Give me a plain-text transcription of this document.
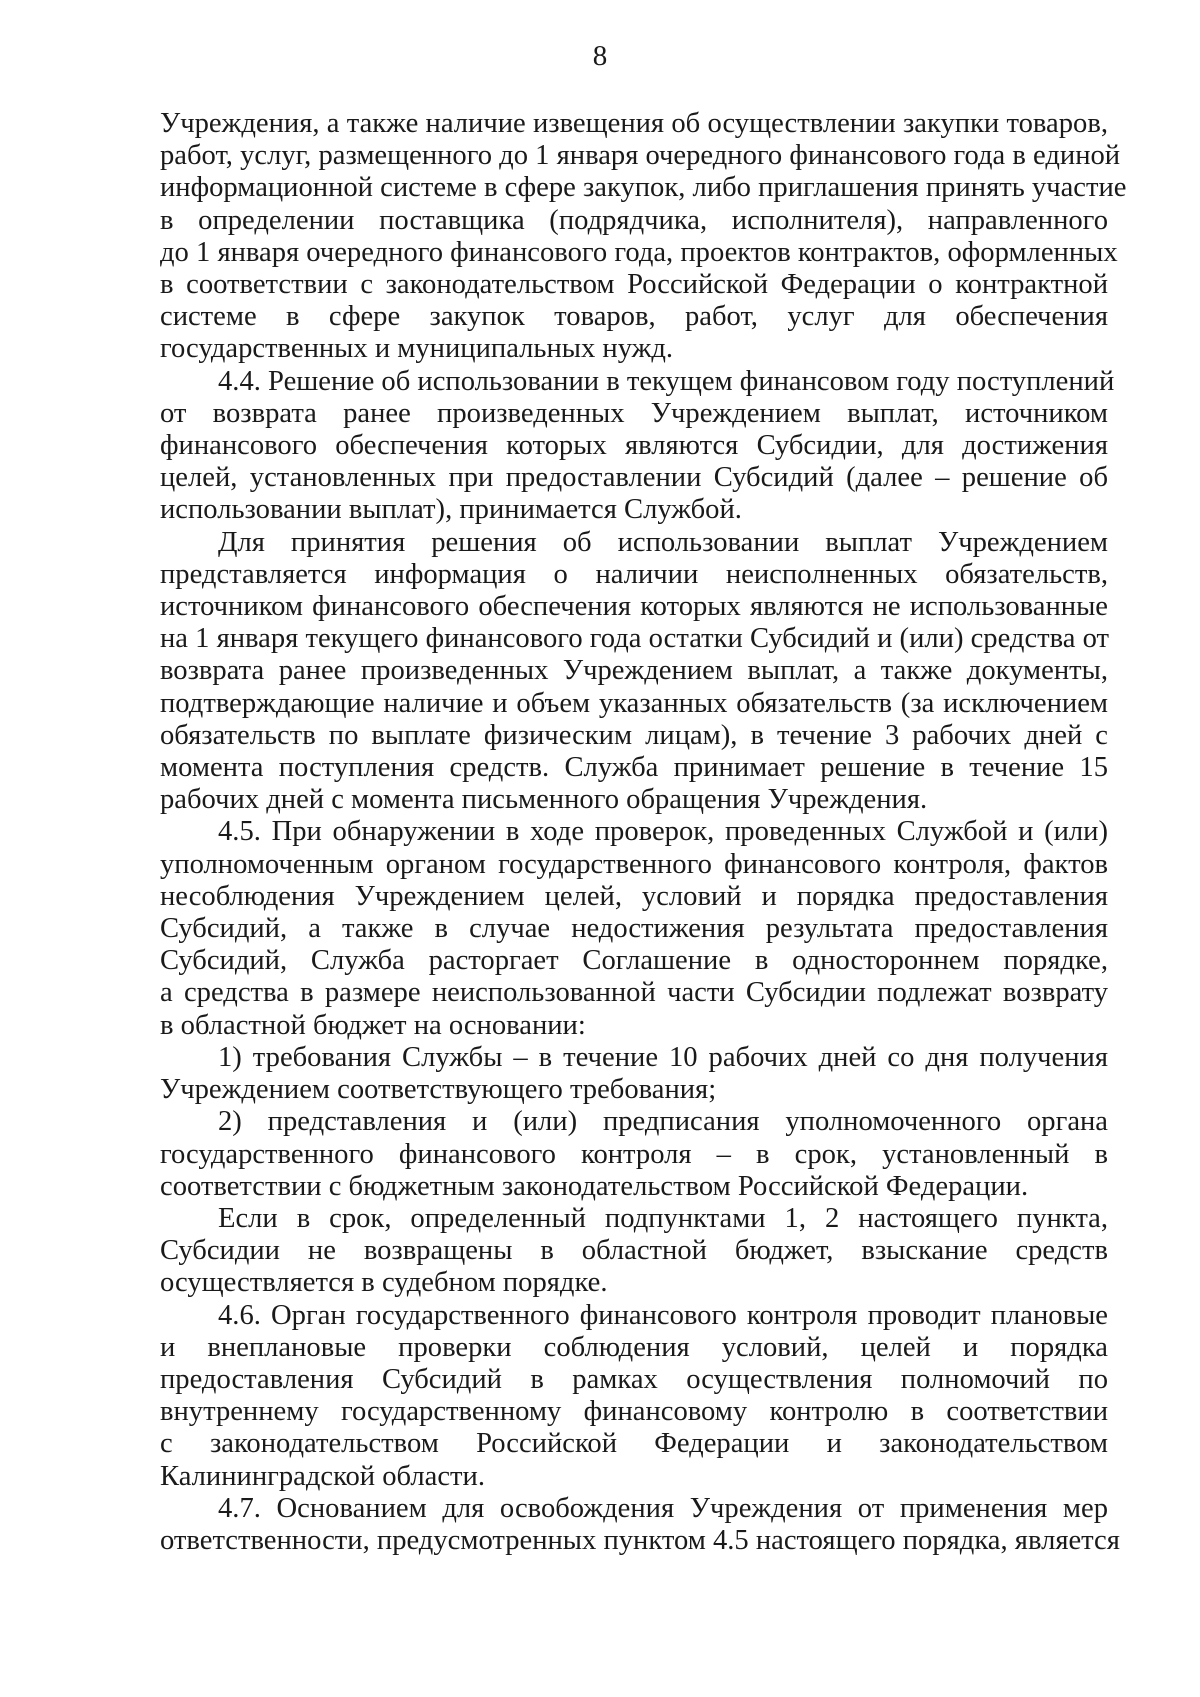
8
Учреждения, а также наличие извещения об осуществлении закупки товаров,
работ, услуг, размещенного до 1 января очередного финансового года в единой
информационной системе в сфере закупок, либо приглашения принять участие
в определении поставщика (подрядчика, исполнителя), направленного
до 1 января очередного финансового года, проектов контрактов, оформленных
в соответствии с законодательством Российской Федерации о контрактной
системе в сфере закупок товаров, работ, услуг для обеспечения
государственных и муниципальных нужд.
4.4. Решение об использовании в текущем финансовом году поступлений
от возврата ранее произведенных Учреждением выплат, источником
финансового обеспечения которых являются Субсидии, для достижения
целей, установленных при предоставлении Субсидий (далее – решение об
использовании выплат), принимается Службой.
Для принятия решения об использовании выплат Учреждением
представляется информация о наличии неисполненных обязательств,
источником финансового обеспечения которых являются не использованные
на 1 января текущего финансового года остатки Субсидий и (или) средства от
возврата ранее произведенных Учреждением выплат, а также документы,
подтверждающие наличие и объем указанных обязательств (за исключением
обязательств по выплате физическим лицам), в течение 3 рабочих дней с
момента поступления средств. Служба принимает решение в течение 15
рабочих дней с момента письменного обращения Учреждения.
4.5. При обнаружении в ходе проверок, проведенных Службой и (или)
уполномоченным органом государственного финансового контроля, фактов
несоблюдения Учреждением целей, условий и порядка предоставления
Субсидий, а также в случае недостижения результата предоставления
Субсидий, Служба расторгает Соглашение в одностороннем порядке,
а средства в размере неиспользованной части Субсидии подлежат возврату
в областной бюджет на основании:
1) требования Службы – в течение 10 рабочих дней со дня получения
Учреждением соответствующего требования;
2) представления и (или) предписания уполномоченного органа
государственного финансового контроля – в срок, установленный в
соответствии с бюджетным законодательством Российской Федерации.
Если в срок, определенный подпунктами 1, 2 настоящего пункта,
Субсидии не возвращены в областной бюджет, взыскание средств
осуществляется в судебном порядке.
4.6. Орган государственного финансового контроля проводит плановые
и внеплановые проверки соблюдения условий, целей и порядка
предоставления Субсидий в рамках осуществления полномочий по
внутреннему государственному финансовому контролю в соответствии
с законодательством Российской Федерации и законодательством
Калининградской области.
4.7. Основанием для освобождения Учреждения от применения мер
ответственности, предусмотренных пунктом 4.5 настоящего порядка, является
